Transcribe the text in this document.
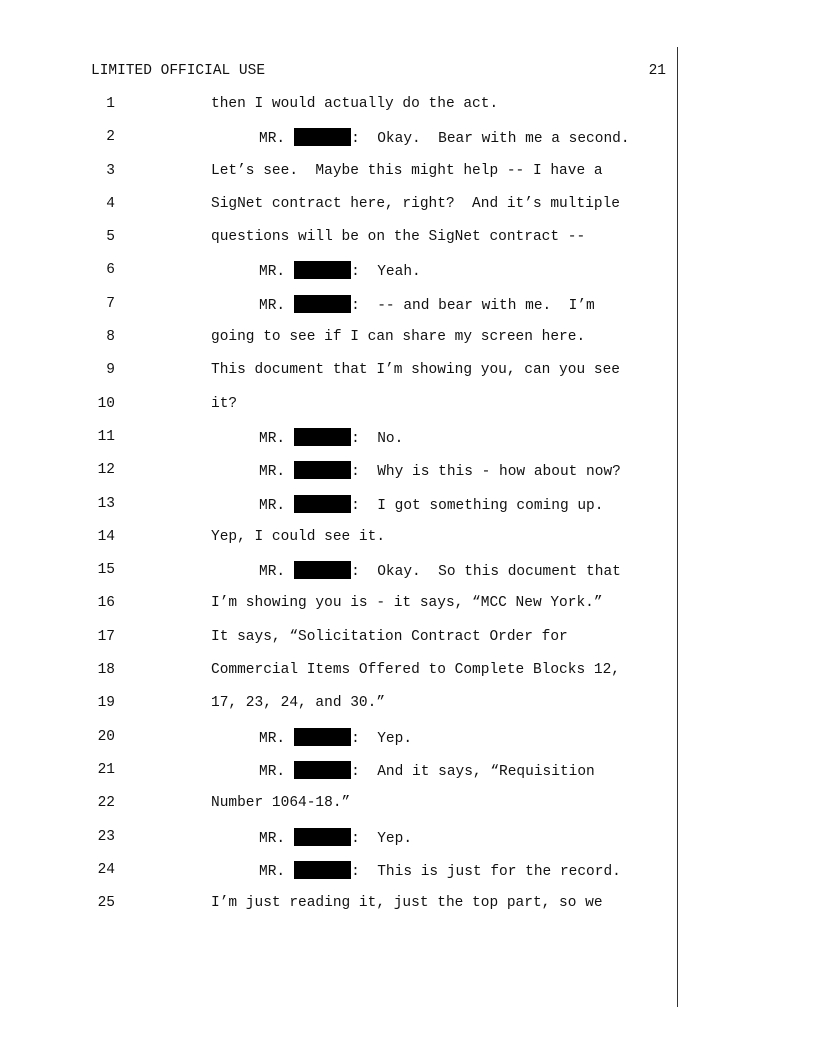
LIMITED OFFICIAL USE	21
1	then I would actually do the act.
2	MR.	:  Okay.  Bear with me a second.
3	Let’s see.  Maybe this might help -- I have a
4	SigNet contract here, right?  And it’s multiple
5	questions will be on the SigNet contract --
6	MR.	:  Yeah.
7	MR.	:  -- and bear with me.  I’m
8	going to see if I can share my screen here.
9	This document that I’m showing you, can you see
10	it?
11	MR.	:  No.
12	MR.	:  Why is this - how about now?
13	MR.	:  I got something coming up.
14	Yep, I could see it.
15	MR.	:  Okay.  So this document that
16	I’m showing you is - it says, “MCC New York.”
17	It says, “Solicitation Contract Order for
18	Commercial Items Offered to Complete Blocks 12,
19	17, 23, 24, and 30.”
20	MR.	:  Yep.
21	MR.	:  And it says, “Requisition
22	Number 1064-18.”
23	MR.	:  Yep.
24	MR.	:  This is just for the record.
25	I’m just reading it, just the top part, so we
